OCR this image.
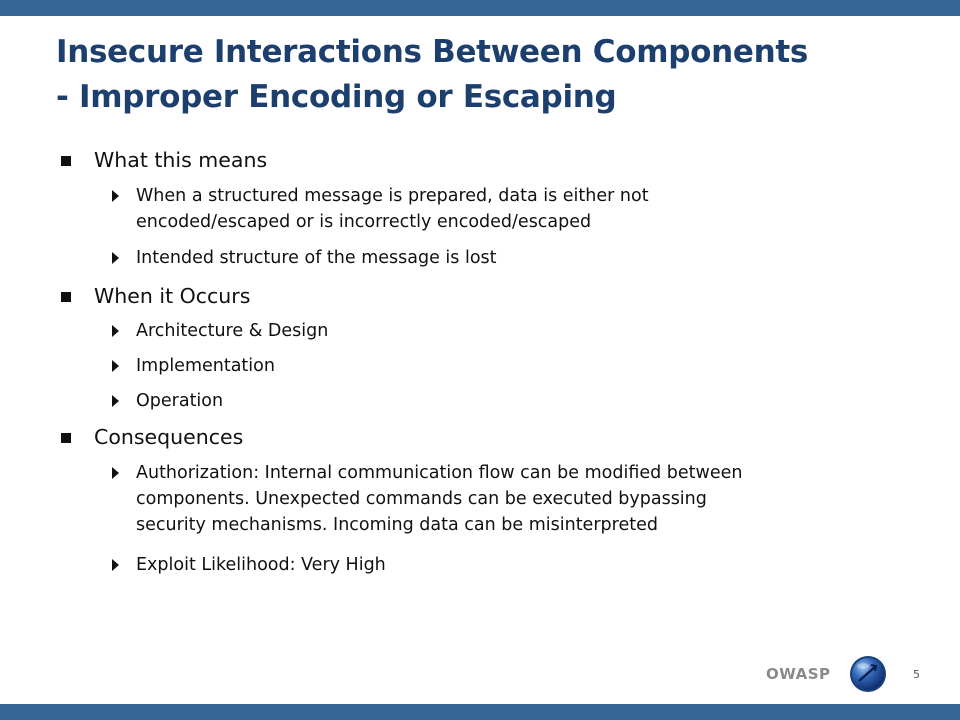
Insecure Interactions Between Components
- Improper Encoding or Escaping
What this means
When a structured message is prepared, data is either not
encoded/escaped or is incorrectly encoded/escaped
Intended structure of the message is lost
When it Occurs
Architecture & Design
Implementation
Operation
Consequences
Authorization: Internal communication flow can be modified between
components. Unexpected commands can be executed bypassing
security mechanisms. Incoming data can be misinterpreted
Exploit Likelihood: Very High
OWASP	5
